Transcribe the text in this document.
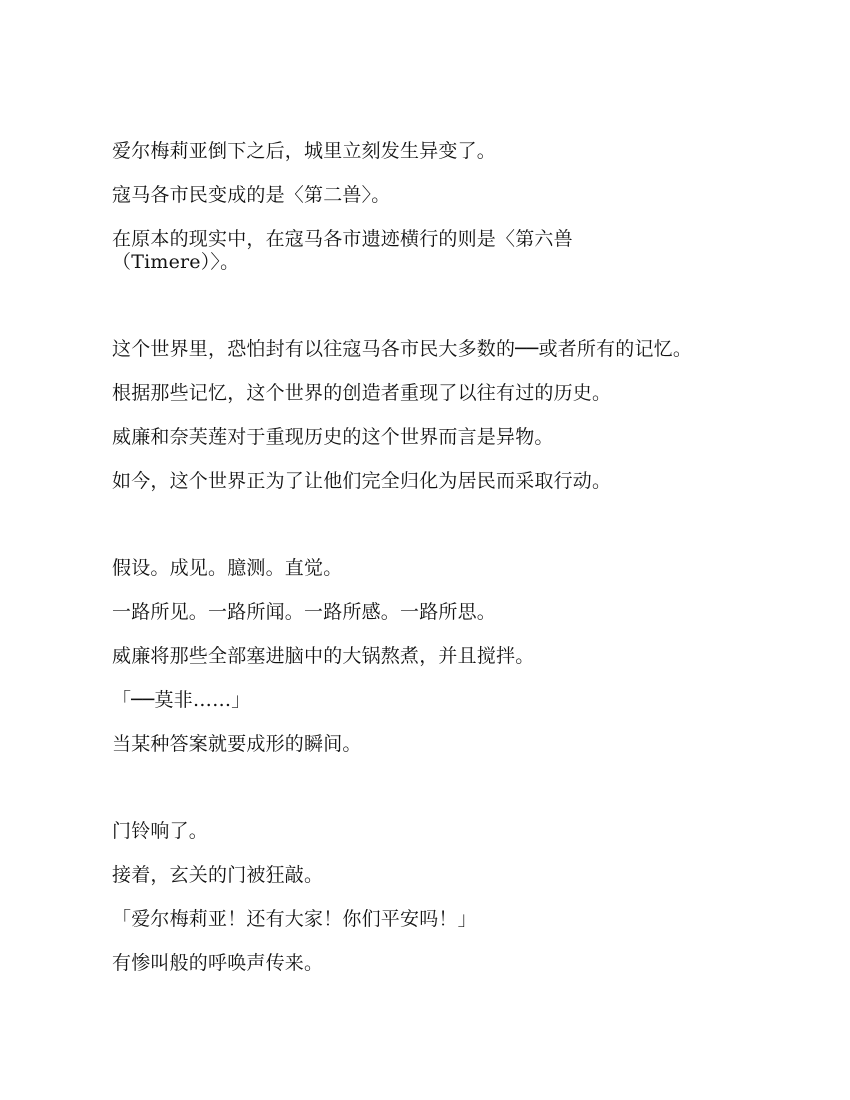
爱尔梅莉亚倒下之后，城里立刻发生异变了。

寇马各市民变成的是〈第二兽〉。

在原本的现实中，在寇马各市遗迹横行的则是〈第六兽
（Timere）〉。

这个世界里，恐怕封有以往寇马各市民大多数的──或者所有的记忆。

根据那些记忆，这个世界的创造者重现了以往有过的历史。

威廉和奈芙莲对于重现历史的这个世界而言是异物。

如今，这个世界正为了让他们完全归化为居民而采取行动。

假设。成见。臆测。直觉。

一路所见。一路所闻。一路所感。一路所思。

威廉将那些全部塞进脑中的大锅熬煮，并且搅拌。

「──莫非……」

当某种答案就要成形的瞬间。

门铃响了。

接着，玄关的门被狂敲。

「爱尔梅莉亚！还有大家！你们平安吗！」

有惨叫般的呼唤声传来。
